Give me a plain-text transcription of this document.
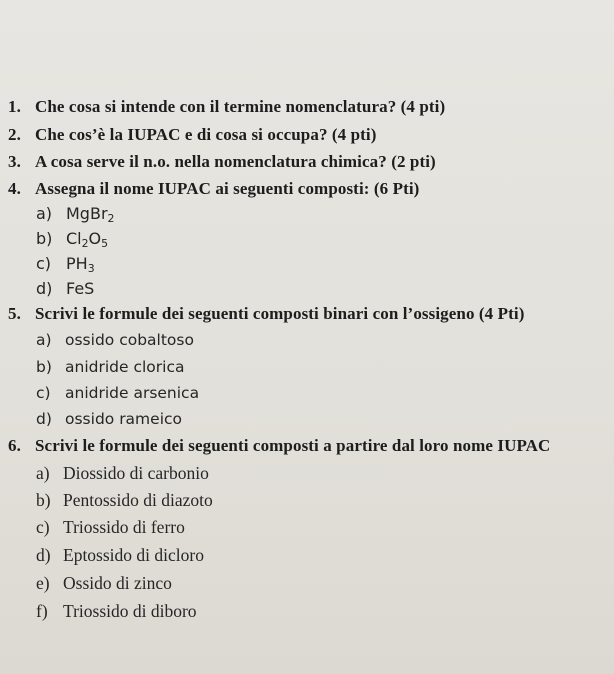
1. Che cosa si intende con il termine nomenclatura? (4 pti)
2. Che cos’è la IUPAC e di cosa si occupa? (4 pti)
3. A cosa serve il n.o. nella nomenclatura chimica? (2 pti)
4. Assegna il nome IUPAC ai seguenti composti: (6 Pti)
a) MgBr$_2$
b) $Cl_2O_5$
c) $PH_3$
d) FeS
5. Scrivi le formule dei seguenti composti binari con l’ossigeno (4 Pti)
a) ossido cobaltoso
b) anidride clorica
c) anidride arsenica
d) ossido rameico
6. Scrivi le formule dei seguenti composti a partire dal loro nome IUPAC
a) Diossido di carbonio
b) Pentossido di diazoto
c) Triossido di ferro
d) Eptossido di dicloro
e) Ossido di zinco
f) Triossido di diboro
